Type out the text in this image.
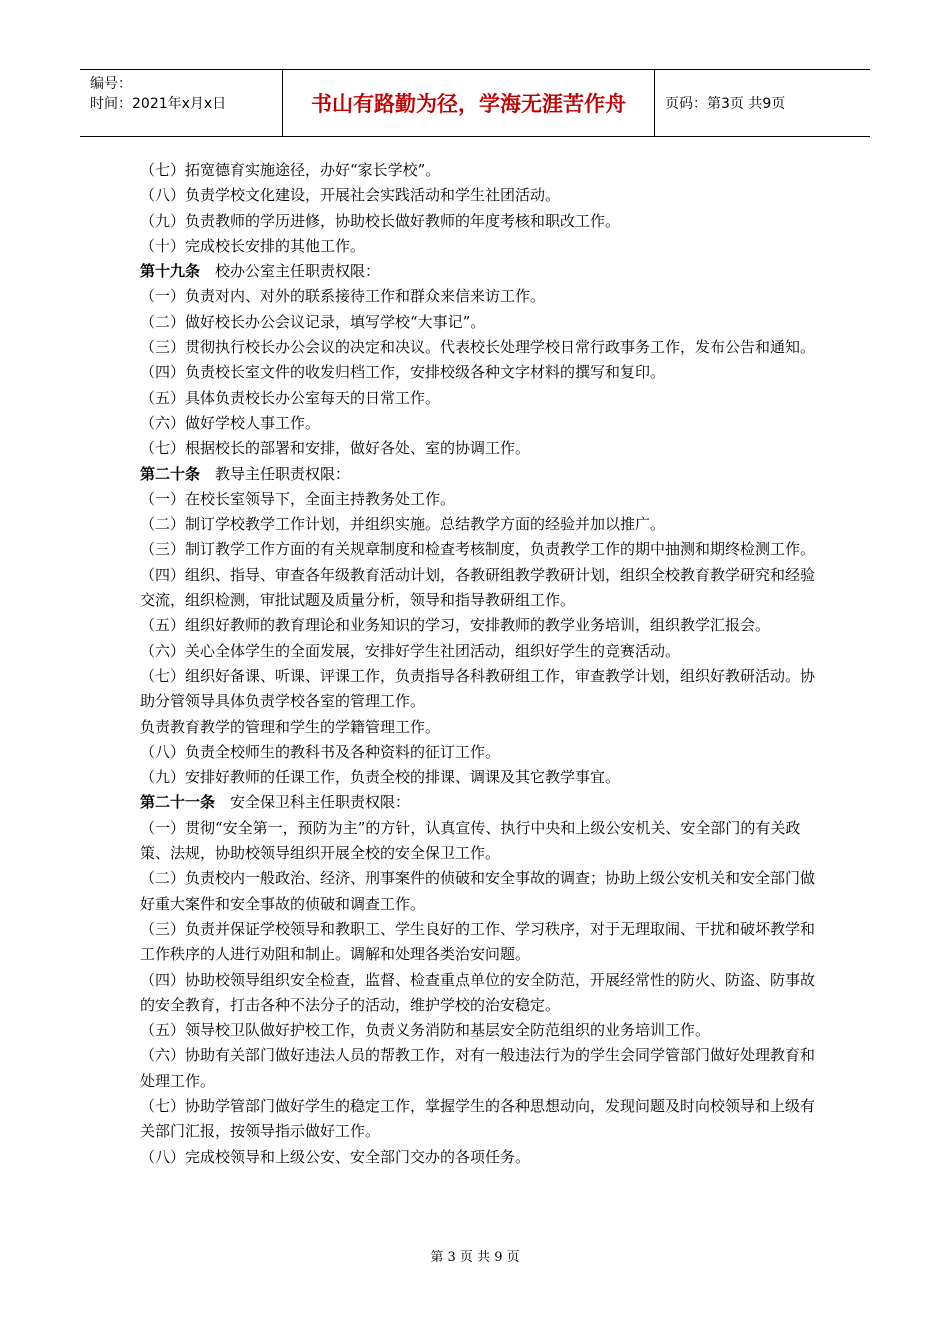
编号：
时间：2021年x月x日	书山有路勤为径，学海无涯苦作舟	页码：第3页 共9页

（七）拓宽德育实施途径，办好“家长学校”。

（八）负责学校文化建设，开展社会实践活动和学生社团活动。

（九）负责教师的学历进修，协助校长做好教师的年度考核和职改工作。

（十）完成校长安排的其他工作。

第十九条　 校办公室主任职责权限：

（一）负责对内、对外的联系接待工作和群众来信来访工作。

（二）做好校长办公会议记录，填写学校“大事记”。

（三）贯彻执行校长办公会议的决定和决议。代表校长处理学校日常行政事务工作，发布公告和通知。

（四）负责校长室文件的收发归档工作，安排校级各种文字材料的撰写和复印。

（五）具体负责校长办公室每天的日常工作。

（六）做好学校人事工作。

（七）根据校长的部署和安排，做好各处、室的协调工作。

第二十条　 教导主任职责权限：

（一）在校长室领导下，全面主持教务处工作。

（二）制订学校教学工作计划，并组织实施。总结教学方面的经验并加以推广。

（三）制订教学工作方面的有关规章制度和检查考核制度，负责教学工作的期中抽测和期终检测工作。

（四）组织、指导、审查各年级教育活动计划，各教研组教学教研计划，组织全校教育教学研究和经验交流，组织检测，审批试题及质量分析，领导和指导教研组工作。

（五）组织好教师的教育理论和业务知识的学习，安排教师的教学业务培训，组织教学汇报会。

（六）关心全体学生的全面发展，安排好学生社团活动，组织好学生的竞赛活动。

（七）组织好备课、听课、评课工作，负责指导各科教研组工作，审查教学计划，组织好教研活动。协助分管领导具体负责学校各室的管理工作。

负责教育教学的管理和学生的学籍管理工作。

（八）负责全校师生的教科书及各种资料的征订工作。

（九）安排好教师的任课工作，负责全校的排课、调课及其它教学事宜。

第二十一条　 安全保卫科主任职责权限：

（一）贯彻“安全第一，预防为主”的方针，认真宣传、执行中央和上级公安机关、安全部门的有关政策、法规，协助校领导组织开展全校的安全保卫工作。

（二）负责校内一般政治、经济、刑事案件的侦破和安全事故的调查；协助上级公安机关和安全部门做好重大案件和安全事故的侦破和调查工作。

（三）负责并保证学校领导和教职工、学生良好的工作、学习秩序，对于无理取闹、干扰和破坏教学和工作秩序的人进行劝阻和制止。调解和处理各类治安问题。

（四）协助校领导组织安全检查，监督、检查重点单位的安全防范，开展经常性的防火、防盗、防事故的安全教育，打击各种不法分子的活动，维护学校的治安稳定。

（五）领导校卫队做好护校工作，负责义务消防和基层安全防范组织的业务培训工作。

（六）协助有关部门做好违法人员的帮教工作，对有一般违法行为的学生会同学管部门做好处理教育和处理工作。

（七）协助学管部门做好学生的稳定工作，掌握学生的各种思想动向，发现问题及时向校领导和上级有关部门汇报，按领导指示做好工作。

（八）完成校领导和上级公安、安全部门交办的各项任务。

第 3 页 共 9 页
